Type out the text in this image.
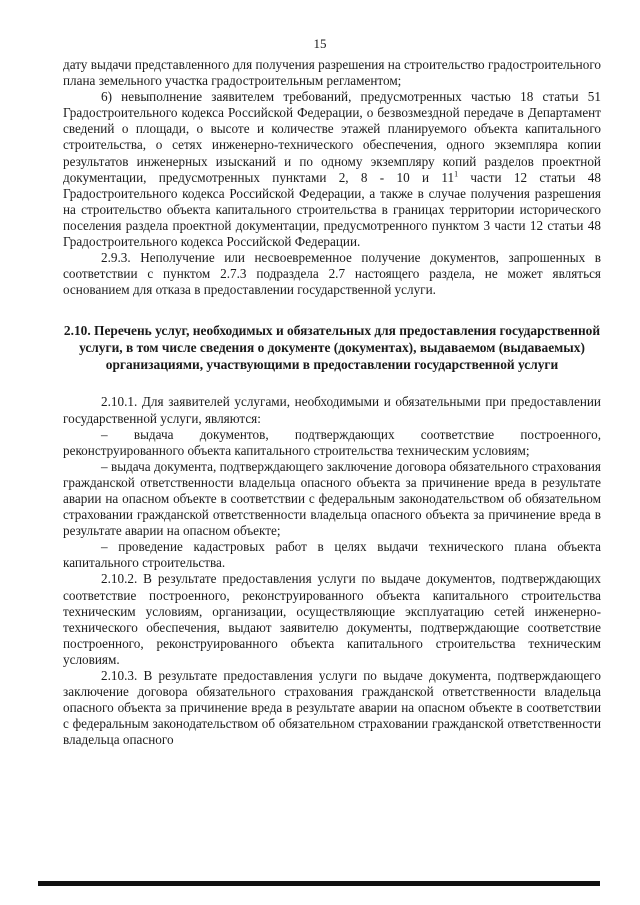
15

дату выдачи представленного для получения разрешения на строительство градостроительного плана земельного участка градостроительным регламентом;

6) невыполнение заявителем требований, предусмотренных частью 18 статьи 51 Градостроительного кодекса Российской Федерации, о безвозмездной передаче в Департамент сведений о площади, о высоте и количестве этажей планируемого объекта капитального строительства, о сетях инженерно-технического обеспечения, одного экземпляра копии результатов инженерных изысканий и по одному экземпляру копий разделов проектной документации, предусмотренных пунктами 2, 8 - 10 и $11^1$ части 12 статьи 48 Градостроительного кодекса Российской Федерации, а также в случае получения разрешения на строительство объекта капитального строительства в границах территории исторического поселения раздела проектной документации, предусмотренного пунктом 3 части 12 статьи 48 Градостроительного кодекса Российской Федерации.

2.9.3. Неполучение или несвоевременное получение документов, запрошенных в соответствии с пунктом 2.7.3 подраздела 2.7 настоящего раздела, не может являться основанием для отказа в предоставлении государственной услуги.

2.10. Перечень услуг, необходимых и обязательных для предоставления государственной услуги, в том числе сведения о документе (документах), выдаваемом (выдаваемых) организациями, участвующими в предоставлении государственной услуги

2.10.1. Для заявителей услугами, необходимыми и обязательными при предоставлении государственной услуги, являются:

– выдача документов, подтверждающих соответствие построенного, реконструированного объекта капитального строительства техническим условиям;

– выдача документа, подтверждающего заключение договора обязательного страхования гражданской ответственности владельца опасного объекта за причинение вреда в результате аварии на опасном объекте в соответствии с федеральным законодательством об обязательном страховании гражданской ответственности владельца опасного объекта за причинение вреда в результате аварии на опасном объекте;

– проведение кадастровых работ в целях выдачи технического плана объекта капитального строительства.

2.10.2. В результате предоставления услуги по выдаче документов, подтверждающих соответствие построенного, реконструированного объекта капитального строительства техническим условиям, организации, осуществляющие эксплуатацию сетей инженерно-технического обеспечения, выдают заявителю документы, подтверждающие соответствие построенного, реконструированного объекта капитального строительства техническим условиям.

2.10.3. В результате предоставления услуги по выдаче документа, подтверждающего заключение договора обязательного страхования гражданской ответственности владельца опасного объекта за причинение вреда в результате аварии на опасном объекте в соответствии с федеральным законодательством об обязательном страховании гражданской ответственности владельца опасного
